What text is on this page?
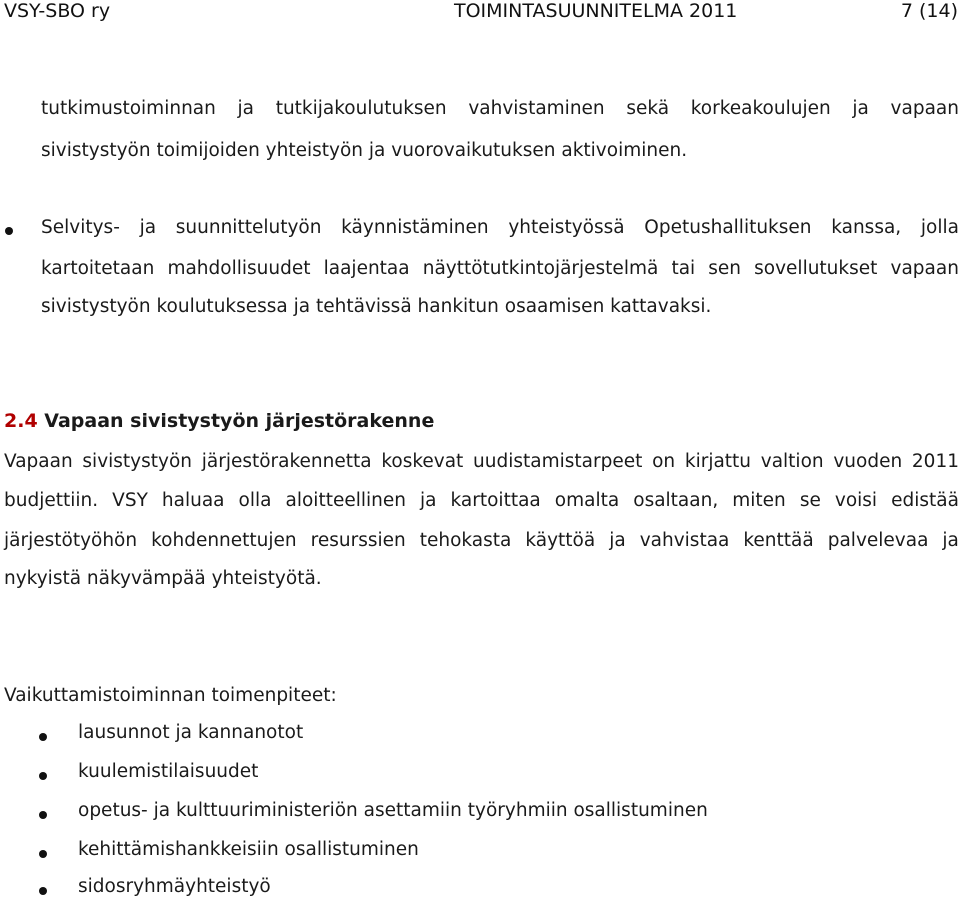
VSY-SBO ry	TOIMINTASUUNNITELMA 2011	7 (14)
tutkimustoiminnan ja tutkijakoulutuksen vahvistaminen sekä korkeakoulujen ja vapaan
sivistystyön toimijoiden yhteistyön ja vuorovaikutuksen aktivoiminen.
Selvitys- ja suunnittelutyön käynnistäminen yhteistyössä Opetushallituksen kanssa, jolla
kartoitetaan mahdollisuudet laajentaa näyttötutkintojärjestelmä tai sen sovellutukset vapaan
sivistystyön koulutuksessa ja tehtävissä hankitun osaamisen kattavaksi.
2.4 Vapaan sivistystyön järjestörakenne
Vapaan sivistystyön järjestörakennetta koskevat uudistamistarpeet on kirjattu valtion vuoden 2011
budjettiin. VSY haluaa olla aloitteellinen ja kartoittaa omalta osaltaan, miten se voisi edistää
järjestötyöhön kohdennettujen resurssien tehokasta käyttöä ja vahvistaa kenttää palvelevaa ja
nykyistä näkyvämpää yhteistyötä.
Vaikuttamistoiminnan toimenpiteet:
lausunnot ja kannanotot
kuulemistilaisuudet
opetus- ja kulttuuriministeriön asettamiin työryhmiin osallistuminen
kehittämishankkeisiin osallistuminen
sidosryhmäyhteistyö
